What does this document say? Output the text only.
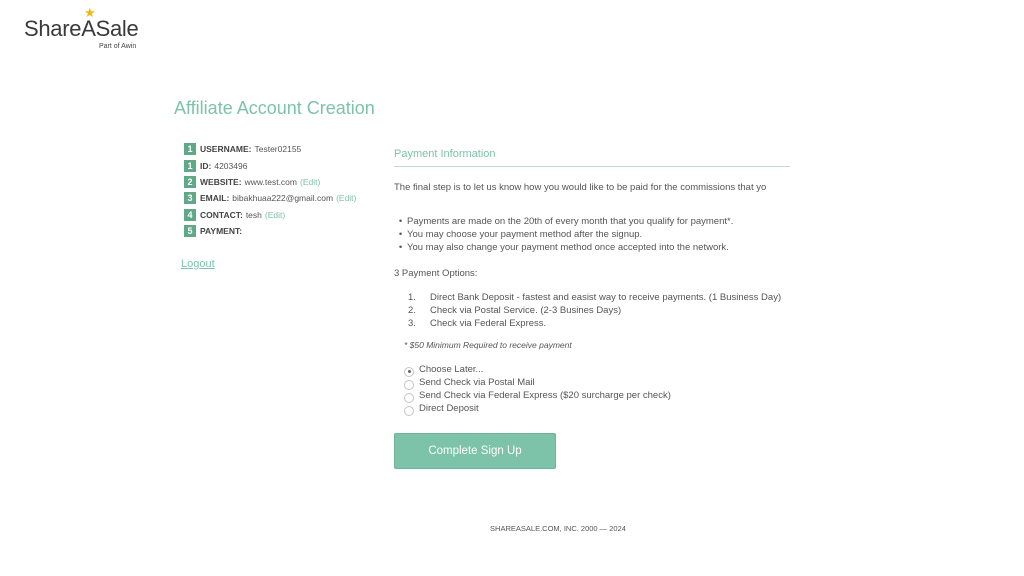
★
ShareASale
Part of Awin
Affiliate Account Creation
1 USERNAME: Tester02155
1 ID: 4203496
2 WEBSITE: www.test.com (Edit)
3 EMAIL: bibakhuaa222@gmail.com (Edit)
4 CONTACT: tesh (Edit)
5 PAYMENT:
Logout
Payment Information
The final step is to let us know how you would like to be paid for the commissions that yo
• Payments are made on the 20th of every month that you qualify for payment*.
• You may choose your payment method after the signup.
• You may also change your payment method once accepted into the network.
3 Payment Options:
1. Direct Bank Deposit - fastest and easist way to receive payments. (1 Business Day)
2. Check via Postal Service. (2-3 Busines Days)
3. Check via Federal Express.
* $50 Minimum Required to receive payment
Choose Later...
Send Check via Postal Mail
Send Check via Federal Express ($20 surcharge per check)
Direct Deposit
Complete Sign Up
SHAREASALE.COM, INC. 2000 — 2024
